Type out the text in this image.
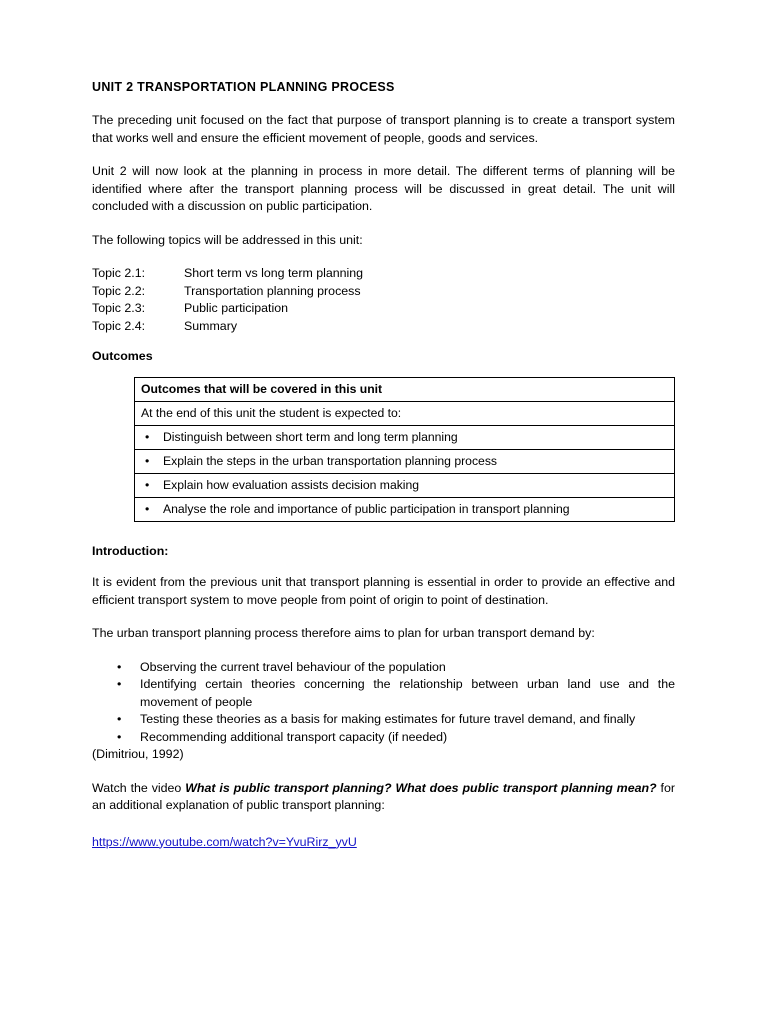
UNIT 2 TRANSPORTATION PLANNING PROCESS

The preceding unit focused on the fact that purpose of transport planning is to create a transport system that works well and ensure the efficient movement of people, goods and services.

Unit 2 will now look at the planning in process in more detail. The different terms of planning will be identified where after the transport planning process will be discussed in great detail. The unit will concluded with a discussion on public participation.

The following topics will be addressed in this unit:

Topic 2.1:	Short term vs long term planning
Topic 2.2:	Transportation planning process
Topic 2.3:	Public participation
Topic 2.4:	Summary
Outcomes
Outcomes that will be covered in this unit
At the end of this unit the student is expected to:
•	Distinguish between short term and long term planning
•	Explain the steps in the urban transportation planning process
•	Explain how evaluation assists decision making
•	Analyse the role and importance of public participation in transport planning
Introduction:

It is evident from the previous unit that transport planning is essential in order to provide an effective and efficient transport system to move people from point of origin to point of destination.

The urban transport planning process therefore aims to plan for urban transport demand by:

• Observing the current travel behaviour of the population
• Identifying certain theories concerning the relationship between urban land use and the movement of people
• Testing these theories as a basis for making estimates for future travel demand, and finally
• Recommending additional transport capacity (if needed)
(Dimitriou, 1992)

Watch the video What is public transport planning? What does public transport planning mean? for an additional explanation of public transport planning:

https://www.youtube.com/watch?v=YvuRirz_yvU
